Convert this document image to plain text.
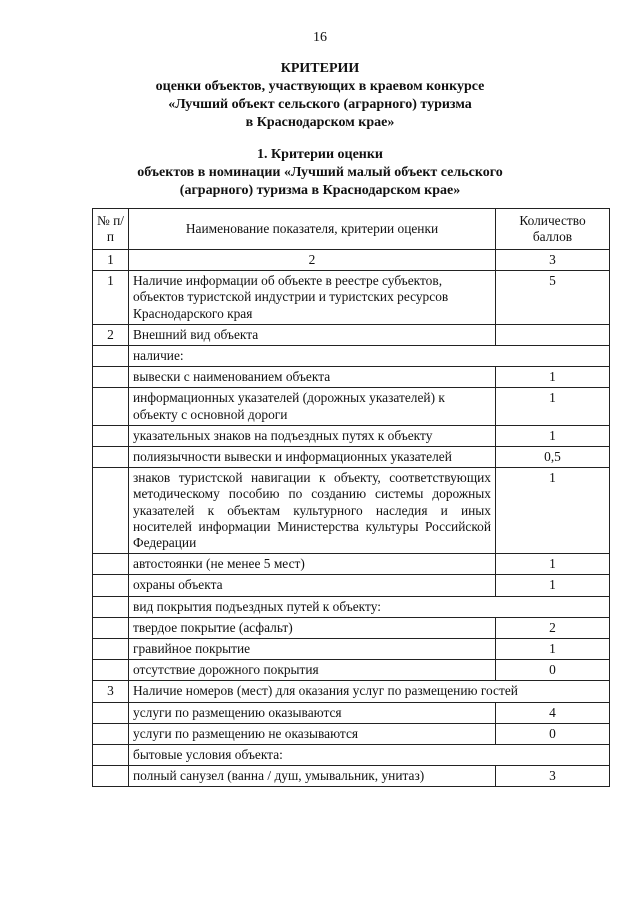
16
КРИТЕРИИ
оценки объектов, участвующих в краевом конкурсе
«Лучший объект сельского (аграрного) туризма
в Краснодарском крае»
1. Критерии оценки
объектов в номинации «Лучший малый объект сельского
(аграрного) туризма в Краснодарском крае»
№ п/п	Наименование показателя, критерии оценки	Количество баллов
1	2	3
1	Наличие информации об объекте в реестре субъектов, объектов туристской индустрии и туристских ресурсов Краснодарского края	5
2	Внешний вид объекта	
	наличие:	
	вывески с наименованием объекта	1
	информационных указателей (дорожных указателей) к объекту с основной дороги	1
	указательных знаков на подъездных путях к объекту	1
	полиязычности вывески и информационных указателей	0,5
	знаков туристской навигации к объекту, соответствующих методическому пособию по созданию системы дорожных указателей к объектам культурного наследия и иных носителей информации Министерства культуры Российской Федерации	1
	автостоянки (не менее 5 мест)	1
	охраны объекта	1
	вид покрытия подъездных путей к объекту:	
	твердое покрытие (асфальт)	2
	гравийное покрытие	1
	отсутствие дорожного покрытия	0
3	Наличие номеров (мест) для оказания услуг по размещению гостей	
	услуги по размещению оказываются	4
	услуги по размещению не оказываются	0
	бытовые условия объекта:	
	полный санузел (ванна / душ, умывальник, унитаз)	3
